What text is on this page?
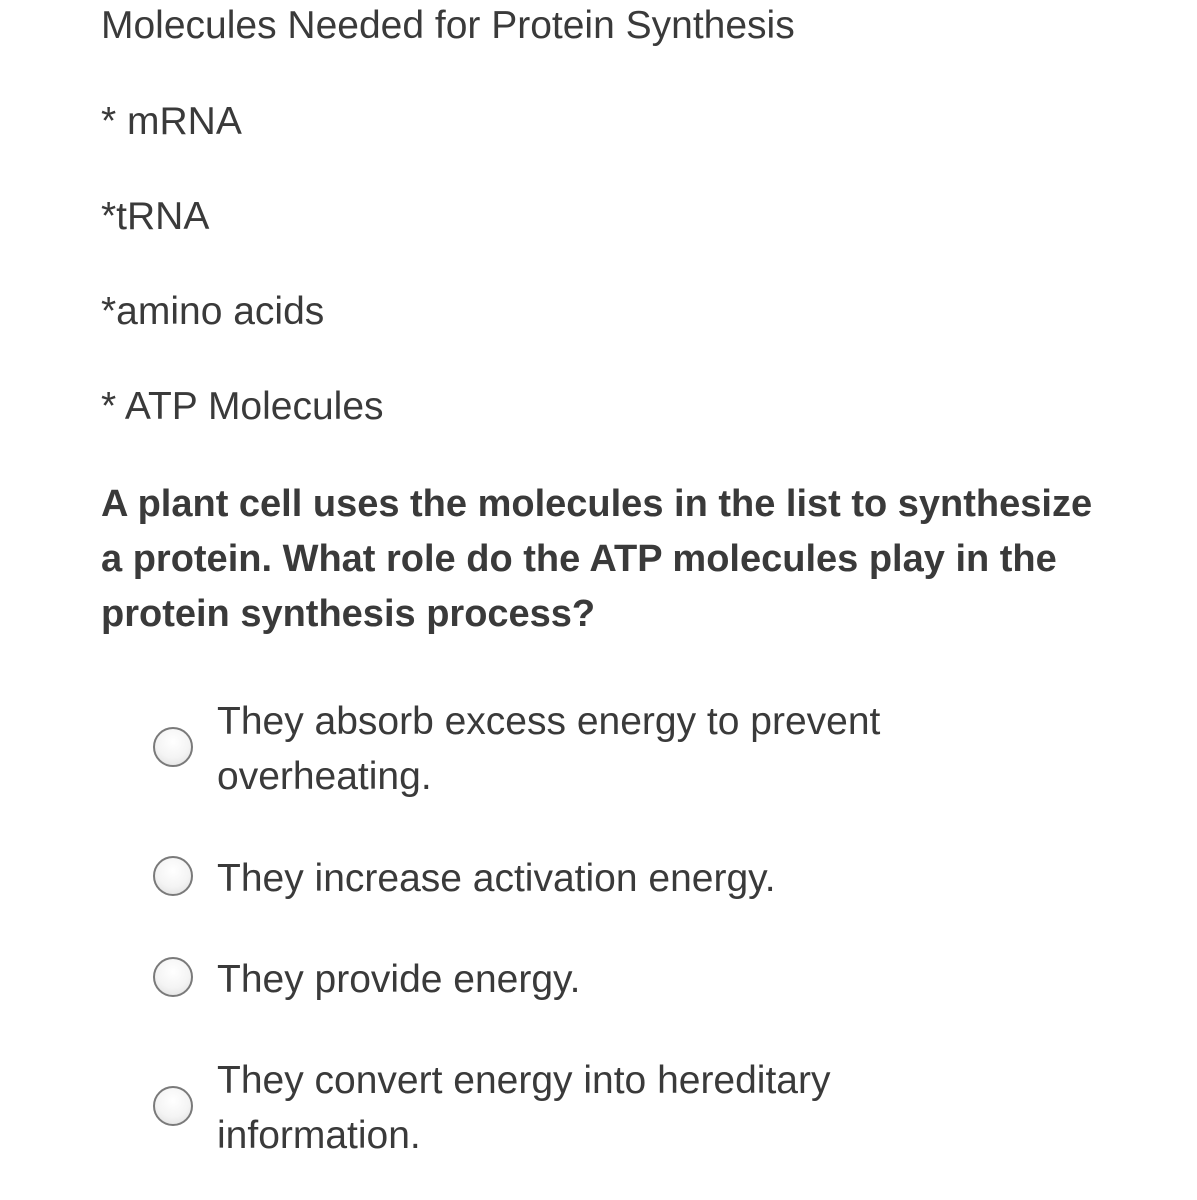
Molecules Needed for Protein Synthesis
* mRNA
*tRNA
*amino acids
* ATP Molecules

A plant cell uses the molecules in the list to synthesize a protein. What role do the ATP molecules play in the protein synthesis process?

They absorb excess energy to prevent overheating.
They increase activation energy.
They provide energy.
They convert energy into hereditary information.
